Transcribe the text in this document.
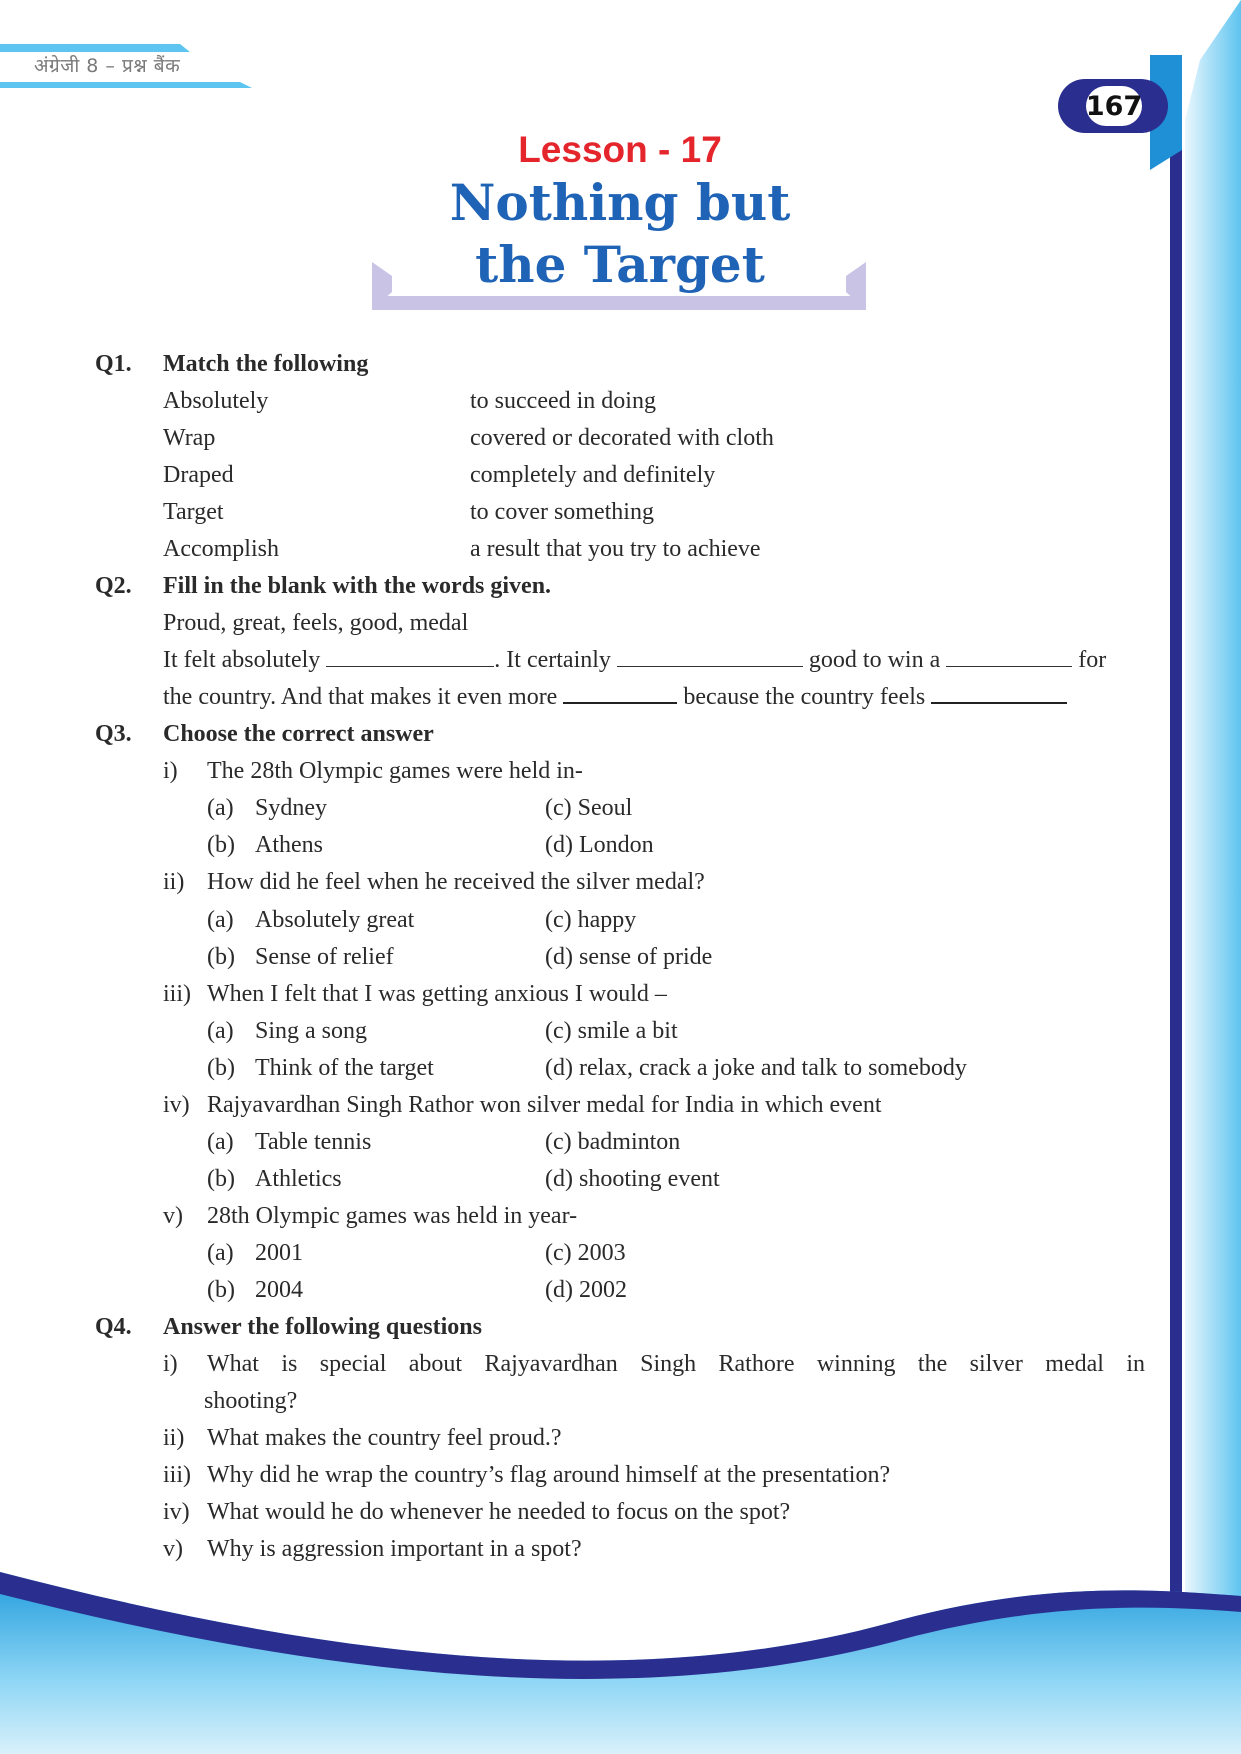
अंग्रेजी 8 – प्रश्न बैंक
167
Lesson - 17
Nothing but
the Target
Q1. Match the following
Absolutely	to succeed in doing
Wrap	covered or decorated with cloth
Draped	completely and definitely
Target	to cover something
Accomplish	a result that you try to achieve
Q2. Fill in the blank with the words given.
Proud, great, feels, good, medal
It felt absolutely	. It certainly	good to win a	for
the country. And that makes it even more	because the country feels
Q3. Choose the correct answer
i) The 28th Olympic games were held in-
(a) Sydney	(c) Seoul
(b) Athens	(d) London
ii) How did he feel when he received the silver medal?
(a) Absolutely great	(c) happy
(b) Sense of relief	(d) sense of pride
iii) When I felt that I was getting anxious I would –
(a) Sing a song	(c) smile a bit
(b) Think of the target	(d) relax, crack a joke and talk to somebody
iv) Rajyavardhan Singh Rathor won silver medal for India in which event
(a) Table tennis	(c) badminton
(b) Athletics	(d) shooting event
v) 28th Olympic games was held in year-
(a) 2001	(c) 2003
(b) 2004	(d) 2002
Q4. Answer the following questions
i) What is special about Rajyavardhan Singh Rathore winning the silver medal in
shooting?
ii) What makes the country feel proud.?
iii) Why did he wrap the country’s flag around himself at the presentation?
iv) What would he do whenever he needed to focus on the spot?
v) Why is aggression important in a spot?
